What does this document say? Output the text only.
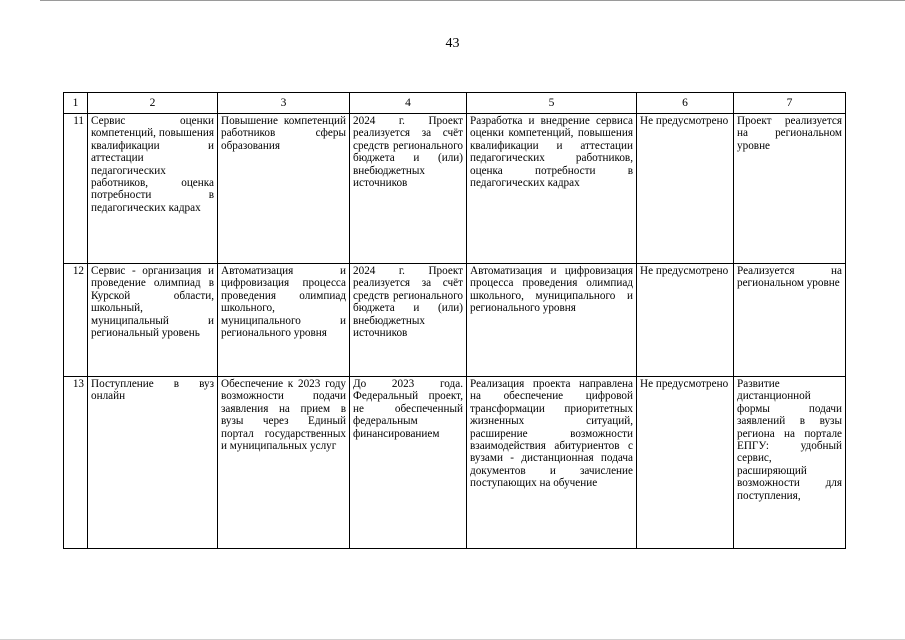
43
1	2	3	4	5	6	7
11	Сервис оценки компетенций, повышения квалификации и аттестации педагогических работников, оценка потребности в педагогических кадрах	Повышение компетенций работников сферы образования	2024 г. Проект реализуется за счёт средств регионального бюджета и (или) внебюджетных источников	Разработка и внедрение сервиса оценки компетенций, повышения квалификации и аттестации педагогических работников, оценка потребности в педагогических кадрах	Не предусмотрено	Проект реализуется на региональном уровне
12	Сервис - организация и проведение олимпиад в Курской области, школьный, муниципальный и региональный уровень	Автоматизация и цифровизация процесса проведения олимпиад школьного, муниципального и регионального уровня	2024 г. Проект реализуется за счёт средств регионального бюджета и (или) внебюджетных источников	Автоматизация и цифровизация процесса проведения олимпиад школьного, муниципального и регионального уровня	Не предусмотрено	Реализуется на региональном уровне
13	Поступление в вуз онлайн	Обеспечение к 2023 году возможности подачи заявления на прием в вузы через Единый портал государственных и муниципальных услуг	До 2023 года. Федеральный проект, не обеспеченный федеральным финансированием	Реализация проекта направлена на обеспечение цифровой трансформации приоритетных жизненных ситуаций, расширение возможности взаимодействия абитуриентов с вузами - дистанционная подача документов и зачисление поступающих на обучение	Не предусмотрено	Развитие дистанционной формы подачи заявлений в вузы региона на портале ЕПГУ: удобный сервис, расширяющий возможности для поступления,
